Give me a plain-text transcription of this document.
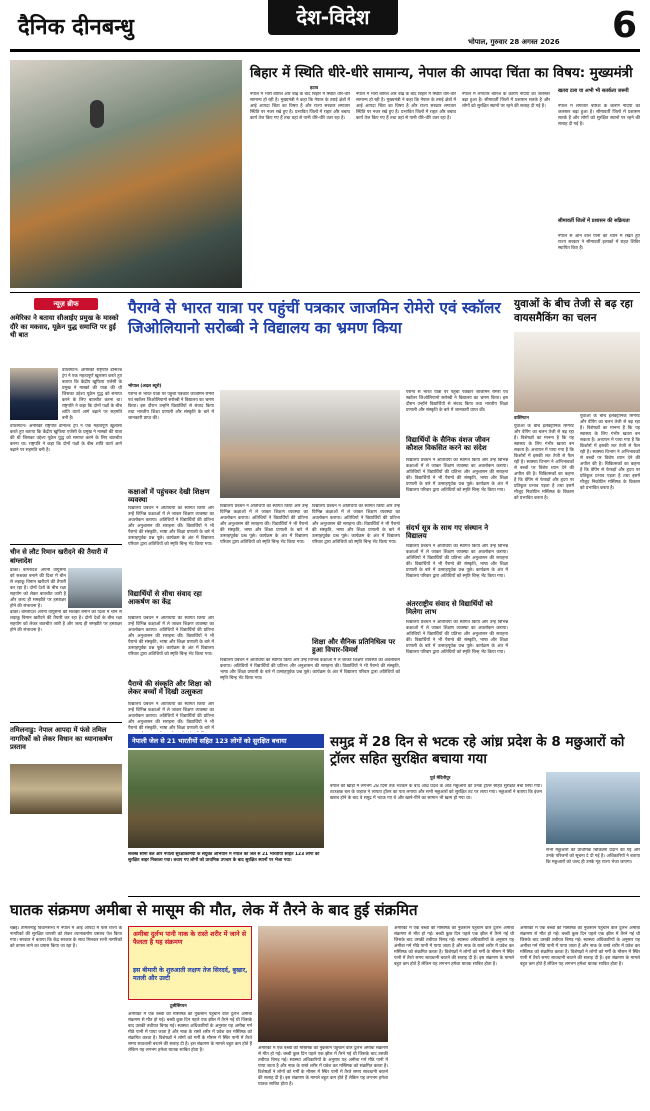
दैनिक दीनबन्धु	देश-विदेश
भोपाल, गुरुवार 28 अगस्त 2026 6
बिहार में स्थिति धीरे-धीरे सामान्य, नेपाल की आपदा चिंता का विषय: मुख्यमंत्री
हटाव
नेपाल में भारी बारिश और बाढ़ के बाद बिहार में स्थिति धीरे-धीरे सामान्य हो रही है। मुख्यमंत्री ने कहा कि नेपाल के तराई क्षेत्रों में आई आपदा चिंता का विषय है और राज्य सरकार लगातार स्थिति पर नजर रखे हुए है। प्रभावित जिलों में राहत और बचाव कार्य तेज किए गए हैं तथा वहां से पानी धीरे-धीरे उतर रहा है।
नेपाल में भारी बारिश और बाढ़ के बाद बिहार में स्थिति धीरे-धीरे सामान्य हो रही है। मुख्यमंत्री ने कहा कि नेपाल के तराई क्षेत्रों में आई आपदा चिंता का विषय है और राज्य सरकार लगातार स्थिति पर नजर रखे हुए है। प्रभावित जिलों में राहत और बचाव कार्य तेज किए गए हैं तथा वहां से पानी धीरे-धीरे उतर रहा है।
नेपाल में लगातार बारिश के कारण नदियों का जलस्तर बढ़ा हुआ है। सीमावर्ती जिलों में प्रशासन सतर्क है और लोगों को सुरक्षित स्थानों पर रहने की सलाह दी गई है।
खतरा टला या अभी भी सतर्कता जरूरी
नेपाल में लगातार बारिश के कारण नदियों का जलस्तर बढ़ा हुआ है। सीमावर्ती जिलों में प्रशासन सतर्क है और लोगों को सुरक्षित स्थानों पर रहने की सलाह दी गई है।
सीमावर्ती जिलों में प्रशासन की सक्रियता
नेपाल से आने वाले पानी को ध्यान में रखते हुए राज्य सरकार ने सीमावर्ती इलाकों में राहत शिविर स्थापित किए हैं।
न्यूज़ ब्रीफ
अमेरिका ने बताया सीआईए प्रमुख के मास्को दौरे का मकसद, यूक्रेन युद्ध समाप्ति पर हुई थी बात
वाशिंगटन। अमेरिकी राष्ट्रपति डोनाल्ड ट्रंप ने एक महत्वपूर्ण खुलासा करते हुए बताया कि केंद्रीय खुफिया एजेंसी के प्रमुख ने मास्को की यात्रा की थी जिसका उद्देश्य यूक्रेन युद्ध को समाप्त करने के लिए बातचीत करना था। राष्ट्रपति ने कहा कि दोनों पक्षों के बीच शांति वार्ता आगे बढ़ाने पर सहमति बनी है।
वाशिंगटन। अमेरिकी राष्ट्रपति डोनाल्ड ट्रंप ने एक महत्वपूर्ण खुलासा करते हुए बताया कि केंद्रीय खुफिया एजेंसी के प्रमुख ने मास्को की यात्रा की थी जिसका उद्देश्य यूक्रेन युद्ध को समाप्त करने के लिए बातचीत करना था। राष्ट्रपति ने कहा कि दोनों पक्षों के बीच शांति वार्ता आगे बढ़ाने पर सहमति बनी है।
चीन से लौट रिमान खरीदने की तैयारी में बांग्लादेश
ढाका। बांग्लादेश अपनी वायुसेना को सशक्त बनाने की दिशा में चीन से लड़ाकू विमान खरीदने की तैयारी कर रहा है। दोनों देशों के बीच रक्षा सहयोग को लेकर बातचीत जारी है और जल्द ही समझौते पर हस्ताक्षर होने की संभावना है।
ढाका। बांग्लादेश अपनी वायुसेना को सशक्त बनाने की दिशा में चीन से लड़ाकू विमान खरीदने की तैयारी कर रहा है। दोनों देशों के बीच रक्षा सहयोग को लेकर बातचीत जारी है और जल्द ही समझौते पर हस्ताक्षर होने की संभावना है।
तमिलनाडु: नेपाल आपदा में फंसे तमिल नागरिकों को लेकर विधान का ध्यानाकर्षण प्रस्ताव
पैराग्वे से भारत यात्रा पर पहुंचीं पत्रकार जाजमिन रोमेरो एवं स्कॉलर जिओलियानो सरोब्बी ने विद्यालय का भ्रमण किया
भोपाल (अदल ब्यूरो)
पैराग्वे से भारत यात्रा पर पहुंचीं पत्रकार जाजमिन रोमेरो एवं स्कॉलर जिओलियानो सरोब्बी ने विद्यालय का भ्रमण किया। इस दौरान उन्होंने विद्यार्थियों से संवाद किया तथा भारतीय शिक्षा प्रणाली और संस्कृति के बारे में जानकारी प्राप्त की।
कक्षाओं में पहुंचकर देखी शिक्षण व्यवस्था
विद्यालय प्रबंधन ने अतिथियों का स्वागत किया और उन्हें विभिन्न कक्षाओं में ले जाकर शिक्षण व्यवस्था का अवलोकन कराया। अतिथियों ने विद्यार्थियों की प्रतिभा और अनुशासन की सराहना की। विद्यार्थियों ने भी पैराग्वे की संस्कृति, भाषा और शिक्षा प्रणाली के बारे में उत्साहपूर्वक प्रश्न पूछे। कार्यक्रम के अंत में विद्यालय परिवार द्वारा अतिथियों को स्मृति चिन्ह भेंट किया गया।
विद्यार्थियों से सीधा संवाद रहा आकर्षण का केंद्र
विद्यालय प्रबंधन ने अतिथियों का स्वागत किया और उन्हें विभिन्न कक्षाओं में ले जाकर शिक्षण व्यवस्था का अवलोकन कराया। अतिथियों ने विद्यार्थियों की प्रतिभा और अनुशासन की सराहना की। विद्यार्थियों ने भी पैराग्वे की संस्कृति, भाषा और शिक्षा प्रणाली के बारे में उत्साहपूर्वक प्रश्न पूछे। कार्यक्रम के अंत में विद्यालय परिवार द्वारा अतिथियों को स्मृति चिन्ह भेंट किया गया।
पैराग्वे की संस्कृति और शिक्षा को लेकर बच्चों में दिखी उत्सुकता
विद्यालय प्रबंधन ने अतिथियों का स्वागत किया और उन्हें विभिन्न कक्षाओं में ले जाकर शिक्षण व्यवस्था का अवलोकन कराया। अतिथियों ने विद्यार्थियों की प्रतिभा और अनुशासन की सराहना की। विद्यार्थियों ने भी पैराग्वे की संस्कृति, भाषा और शिक्षा प्रणाली के बारे में
विद्यालय प्रबंधन ने अतिथियों का स्वागत किया और उन्हें विभिन्न कक्षाओं में ले जाकर शिक्षण व्यवस्था का अवलोकन कराया। अतिथियों ने विद्यार्थियों की प्रतिभा और अनुशासन की सराहना की। विद्यार्थियों ने भी पैराग्वे की संस्कृति, भाषा और शिक्षा प्रणाली के बारे में उत्साहपूर्वक प्रश्न पूछे। कार्यक्रम के अंत में विद्यालय परिवार द्वारा अतिथियों को स्मृति चिन्ह भेंट किया गया।
विद्यालय प्रबंधन ने अतिथियों का स्वागत किया और उन्हें विभिन्न कक्षाओं में ले जाकर शिक्षण व्यवस्था का अवलोकन कराया। अतिथियों ने विद्यार्थियों की प्रतिभा और अनुशासन की सराहना की। विद्यार्थियों ने भी पैराग्वे की संस्कृति, भाषा और शिक्षा प्रणाली के बारे में उत्साहपूर्वक प्रश्न पूछे। कार्यक्रम के अंत में विद्यालय परिवार द्वारा अतिथियों को स्मृति चिन्ह भेंट किया गया।
शिक्षा और सैनिक प्रतिनिधित्व पर हुआ विचार-विमर्श
विद्यालय प्रबंधन ने अतिथियों का स्वागत किया और उन्हें विभिन्न कक्षाओं में ले जाकर शिक्षण व्यवस्था का अवलोकन कराया। अतिथियों ने विद्यार्थियों की प्रतिभा और अनुशासन की सराहना की। विद्यार्थियों ने भी पैराग्वे की संस्कृति, भाषा और शिक्षा प्रणाली के बारे में उत्साहपूर्वक प्रश्न पूछे। कार्यक्रम के अंत में विद्यालय परिवार द्वारा अतिथियों को स्मृति चिन्ह भेंट किया गया।
पैराग्वे से भारत यात्रा पर पहुंचीं पत्रकार जाजमिन रोमेरो एवं स्कॉलर जिओलियानो सरोब्बी ने विद्यालय का भ्रमण किया। इस दौरान उन्होंने विद्यार्थियों से संवाद किया तथा भारतीय शिक्षा प्रणाली और संस्कृति के बारे में जानकारी प्राप्त की।
विद्यार्थियों के सैनिक वंशज जीवन कौशल विकसित करने का संदेश
विद्यालय प्रबंधन ने अतिथियों का स्वागत किया और उन्हें विभिन्न कक्षाओं में ले जाकर शिक्षण व्यवस्था का अवलोकन कराया। अतिथियों ने विद्यार्थियों की प्रतिभा और अनुशासन की सराहना की। विद्यार्थियों ने भी पैराग्वे की संस्कृति, भाषा और शिक्षा प्रणाली के बारे में उत्साहपूर्वक प्रश्न पूछे। कार्यक्रम के अंत में विद्यालय परिवार द्वारा अतिथियों को स्मृति चिन्ह भेंट किया गया।
संदर्भ सूत्र के साथ गए संस्थान ने विद्यालय
विद्यालय प्रबंधन ने अतिथियों का स्वागत किया और उन्हें विभिन्न कक्षाओं में ले जाकर शिक्षण व्यवस्था का अवलोकन कराया। अतिथियों ने विद्यार्थियों की प्रतिभा और अनुशासन की सराहना की। विद्यार्थियों ने भी पैराग्वे की संस्कृति, भाषा और शिक्षा प्रणाली के बारे में उत्साहपूर्वक प्रश्न पूछे। कार्यक्रम के अंत में विद्यालय परिवार द्वारा अतिथियों को स्मृति चिन्ह भेंट किया गया।
अंतरराष्ट्रीय संवाद से विद्यार्थियों को मिलेगा लाभ
विद्यालय प्रबंधन ने अतिथियों का स्वागत किया और उन्हें विभिन्न कक्षाओं में ले जाकर शिक्षण व्यवस्था का अवलोकन कराया। अतिथियों ने विद्यार्थियों की प्रतिभा और अनुशासन की सराहना की। विद्यार्थियों ने भी पैराग्वे की संस्कृति, भाषा और शिक्षा प्रणाली के बारे में उत्साहपूर्वक प्रश्न पूछे। कार्यक्रम के अंत में विद्यालय परिवार द्वारा अतिथियों को स्मृति चिन्ह भेंट किया गया।
युवाओं के बीच तेजी से बढ़ रहा वायसमैकिंग का चलन
वाशिंगटन
युवाओं के बीच इलेक्ट्रॉनिक सिगरेट और वेपिंग का चलन तेजी से बढ़ रहा है। विशेषज्ञों का मानना है कि यह स्वास्थ्य के लिए गंभीर खतरा बन सकता है। अध्ययन में पाया गया है कि किशोरों में इसकी लत तेजी से फैल रही है। स्वास्थ्य विभाग ने अभिभावकों से बच्चों पर विशेष ध्यान देने की अपील की है। चिकित्सकों का कहना है कि वेपिंग से फेफड़ों और हृदय पर प्रतिकूल प्रभाव पड़ता है तथा इसमें मौजूद निकोटिन मस्तिष्क के विकास को प्रभावित करता है।
युवाओं के बीच इलेक्ट्रॉनिक सिगरेट और वेपिंग का चलन तेजी से बढ़ रहा है। विशेषज्ञों का मानना है कि यह स्वास्थ्य के लिए गंभीर खतरा बन सकता है। अध्ययन में पाया गया है कि किशोरों में इसकी लत तेजी से फैल रही है। स्वास्थ्य विभाग ने अभिभावकों से बच्चों पर विशेष ध्यान देने की अपील की है। चिकित्सकों का कहना है कि वेपिंग से फेफड़ों और हृदय पर प्रतिकूल प्रभाव पड़ता है तथा इसमें मौजूद निकोटिन मस्तिष्क के विकास को प्रभावित करता है।
नेपाली जेल से 21 भारतीयों सहित 123 लोगों को सुरक्षित बचाया
सशस्त्र सीमा बल और नेपाली सुरक्षाकर्मियों के संयुक्त अभियान में नेपाल की जेल से 21 भारतीयों सहित 123 लोगों को सुरक्षित बाहर निकाला गया। बचाए गए लोगों को प्राथमिक उपचार के बाद सुरक्षित स्थानों पर भेजा गया।
समुद्र में 28 दिन से भटक रहे आंध्र प्रदेश के 8 मछुआरों को ट्रॉलर सहित सुरक्षित बचाया गया
पुर्व मेदिनीपुर
बंगाल की खाड़ी में लगभग 28 दिनों तक भटकने के बाद आंध्र प्रदेश के आठ मछुआरों को उनके ट्रॉलर सहित सुरक्षित बचा लिया गया। तटरक्षक बल के जहाज ने लापता ट्रॉलर का पता लगाया और सभी मछुआरों को सुरक्षित तट पर लाया गया। मछुआरों ने बताया कि इंजन खराब होने के बाद वे समुद्र में भटक गए थे और खाने-पीने का सामान भी खत्म हो गया था।
सभी मछुआरों को प्राथमिक चिकित्सा प्रदान की गई और उनके परिजनों को सूचना दे दी गई है। अधिकारियों ने बताया कि मछुआरों को जल्द ही उनके गृह राज्य भेजा जाएगा।
घातक संक्रमण अमीबा से मासूम की मौत, लेक में तैरने के बाद हुई संक्रमित
चेन्नई। तमिलनाडु विधानसभा में नेपाल में आई आपदा में फंसे राज्य के नागरिकों की सुरक्षित वापसी को लेकर ध्यानाकर्षण प्रस्ताव पेश किया गया। सरकार ने बताया कि केंद्र सरकार के साथ मिलकर सभी नागरिकों को वापस लाने का प्रयास किया जा रहा है।
अमीबा दुर्लभ पानी नाक के रास्ते शरीर में जाने से फैलता है यह संक्रमण
इस बीमारी के शुरुआती लक्षण तेज सिरदर्द, बुखार, मतली और उल्टी
टूसीसिप्पन
अमेरिका में एक बच्ची की मस्तिष्क को नुकसान पहुंचाने वाले दुर्लभ अमीबा संक्रमण से मौत हो गई। बच्ची कुछ दिन पहले एक झील में तैरने गई थी जिसके बाद उसकी तबीयत बिगड़ गई। स्वास्थ्य अधिकारियों के अनुसार यह अमीबा गर्म मीठे पानी में पाया जाता है और नाक के रास्ते शरीर में प्रवेश कर मस्तिष्क को संक्रमित करता है। विशेषज्ञों ने लोगों को गर्मी के मौसम में स्थिर पानी में तैरते समय सावधानी बरतने की सलाह दी है। इस संक्रमण के मामले बहुत कम होते हैं लेकिन यह लगभग हमेशा घातक साबित होता है।	अमेरिका में एक बच्ची की मस्तिष्क को नुकसान पहुंचाने वाले दुर्लभ अमीबा संक्रमण से मौत हो गई। बच्ची कुछ दिन पहले एक झील में तैरने गई थी जिसके बाद उसकी तबीयत बिगड़ गई। स्वास्थ्य अधिकारियों के अनुसार यह अमीबा गर्म मीठे पानी में पाया जाता है और नाक के रास्ते शरीर में प्रवेश कर मस्तिष्क को संक्रमित करता है। विशेषज्ञों ने लोगों को गर्मी के मौसम में स्थिर पानी में तैरते समय सावधानी बरतने की सलाह दी है। इस संक्रमण के मामले बहुत कम होते हैं लेकिन यह लगभग हमेशा घातक साबित होता है।
अमेरिका में एक बच्ची की मस्तिष्क को नुकसान पहुंचाने वाले दुर्लभ अमीबा संक्रमण से मौत हो गई। बच्ची कुछ दिन पहले एक झील में तैरने गई थी जिसके बाद उसकी तबीयत बिगड़ गई। स्वास्थ्य अधिकारियों के अनुसार यह अमीबा गर्म मीठे पानी में पाया जाता है और नाक के रास्ते शरीर में प्रवेश कर मस्तिष्क को संक्रमित करता है। विशेषज्ञों ने लोगों को गर्मी के मौसम में स्थिर पानी में तैरते समय सावधानी बरतने की सलाह दी है। इस संक्रमण के मामले बहुत कम होते हैं लेकिन यह लगभग हमेशा घातक साबित होता है।
अमेरिका में एक बच्ची की मस्तिष्क को नुकसान पहुंचाने वाले दुर्लभ अमीबा संक्रमण से मौत हो गई। बच्ची कुछ दिन पहले एक झील में तैरने गई थी जिसके बाद उसकी तबीयत बिगड़ गई। स्वास्थ्य अधिकारियों के अनुसार यह अमीबा गर्म मीठे पानी में पाया जाता है और नाक के रास्ते शरीर में प्रवेश कर मस्तिष्क को संक्रमित करता है। विशेषज्ञों ने लोगों को गर्मी के मौसम में स्थिर पानी में तैरते समय सावधानी बरतने की सलाह दी है। इस संक्रमण के मामले बहुत कम होते हैं लेकिन यह लगभग हमेशा घातक साबित होता है।
